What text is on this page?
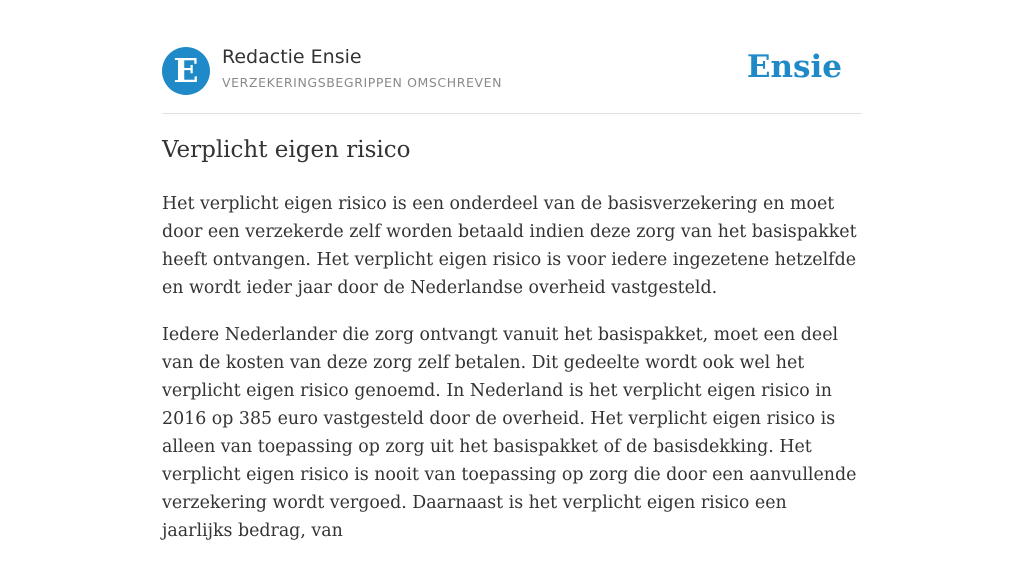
E	Redactie Ensie
VERZEKERINGSBEGRIPPEN OMSCHREVEN	Ensie
Verplicht eigen risico

Het verplicht eigen risico is een onderdeel van de basisverzekering en moet door een verzekerde zelf worden betaald indien deze zorg van het basispakket heeft ontvangen. Het verplicht eigen risico is voor iedere ingezetene hetzelfde en wordt ieder jaar door de Nederlandse overheid vastgesteld.

Iedere Nederlander die zorg ontvangt vanuit het basispakket, moet een deel van de kosten van deze zorg zelf betalen. Dit gedeelte wordt ook wel het verplicht eigen risico genoemd. In Nederland is het verplicht eigen risico in 2016 op 385 euro vastgesteld door de overheid. Het verplicht eigen risico is alleen van toepassing op zorg uit het basispakket of de basisdekking. Het verplicht eigen risico is nooit van toepassing op zorg die door een aanvullende verzekering wordt vergoed. Daarnaast is het verplicht eigen risico een jaarlijks bedrag, van
